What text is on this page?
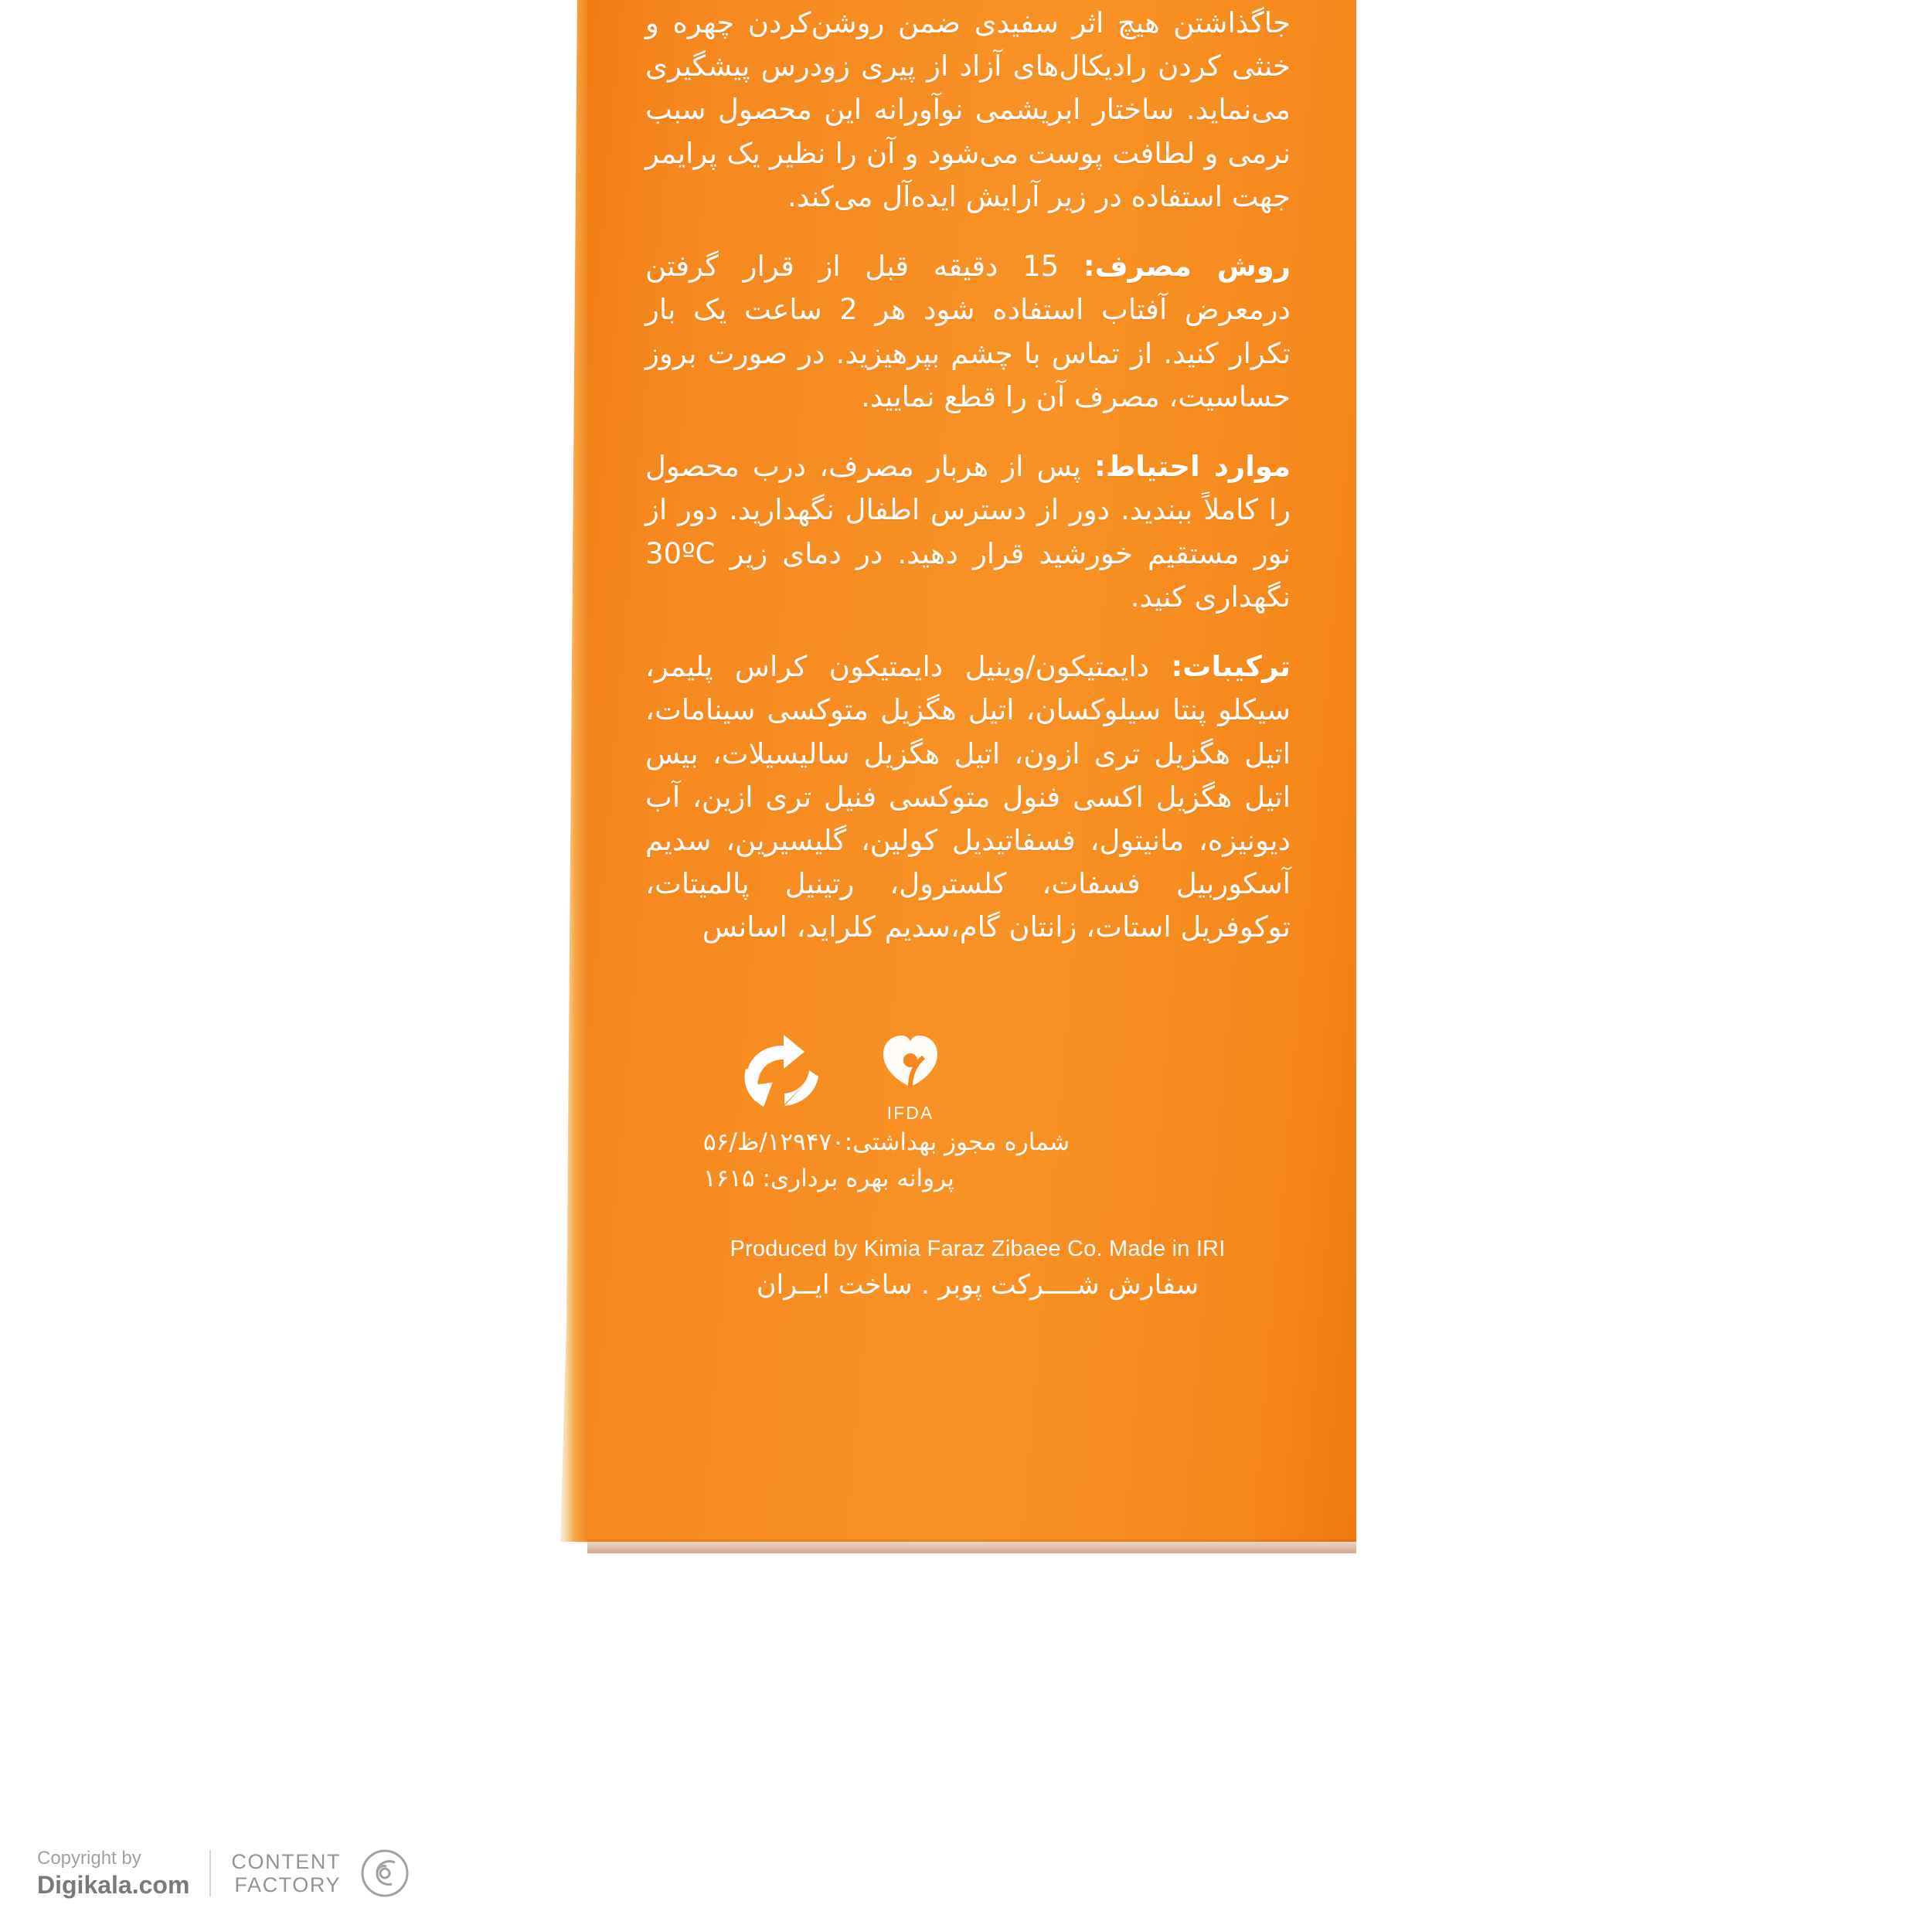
جاگذاشتن هیچ اثر سفیدی ضمن روشن‌کردن چهره و خنثی کردن رادیکال‌های آزاد از پیری زودرس پیشگیری می‌نماید. ساختار ابریشمی نوآورانه این محصول سبب نرمی و لطافت پوست می‌شود و آن را نظیر یک پرایمر جهت استفاده در زیر آرایش ایده‌آل می‌کند.

روش مصرف: 15 دقیقه قبل از قرار گرفتن درمعرض آفتاب استفاده شود هر 2 ساعت یک بار تکرار کنید. از تماس با چشم بپرهیزید. در صورت بروز حساسیت، مصرف آن را قطع نمایید.

موارد احتیاط: پس از هربار مصرف، درب محصول را کاملاً ببندید. دور از دسترس اطفال نگهدارید. دور از نور مستقیم خورشید قرار دهید. در دمای زیر 30ºC نگهداری کنید.

ترکیبات: دایمتیکون/وینیل دایمتیکون کراس پلیمر، سیکلو پنتا سیلوکسان، اتیل هگزیل متوکسی سینامات، اتیل هگزیل تری ازون، اتیل هگزیل سالیسیلات، بیس اتیل هگزیل اکسی فنول متوکسی فنیل تری ازین، آب دیونیزه، مانیتول، فسفاتیدیل کولین، گلیسیرین، سدیم آسکوربیل فسفات، کلسترول، رتینیل پالمیتات، توکوفریل استات، زانتان گام،سدیم کلراید، اسانس

IFDA
شماره مجوز بهداشتی:۱۲۹۴۷۰/ظ/۵۶
پروانه بهره برداری: ۱۶۱۵
Produced by Kimia Faraz Zibaee Co. Made in IRI
سفارش شــــرکت پوبر . ساخت ایــران
CONTENT
FACTORY
Copyright by
Digikala.com
